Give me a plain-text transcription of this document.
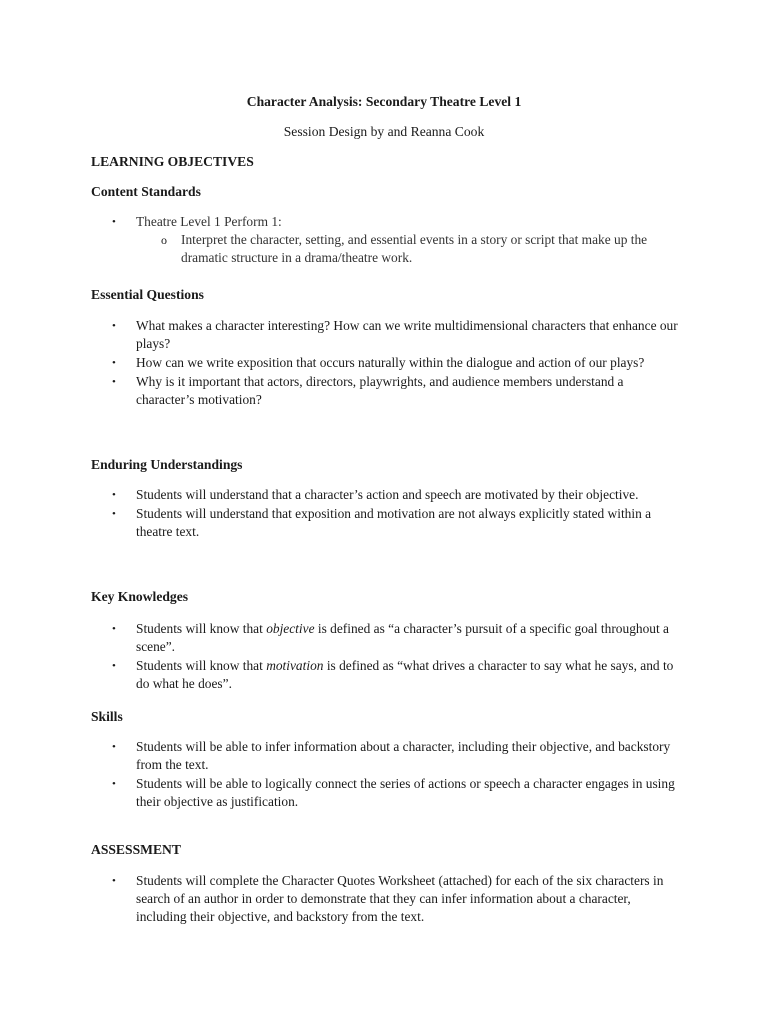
Character Analysis: Secondary Theatre Level 1
Session Design by and Reanna Cook
LEARNING OBJECTIVES
Content Standards
• Theatre Level 1 Perform 1:
o Interpret the character, setting, and essential events in a story or script that make up the dramatic structure in a drama/theatre work.
Essential Questions
• What makes a character interesting? How can we write multidimensional characters that enhance our plays?
• How can we write exposition that occurs naturally within the dialogue and action of our plays?
• Why is it important that actors, directors, playwrights, and audience members understand a character’s motivation?
Enduring Understandings
• Students will understand that a character’s action and speech are motivated by their objective.
• Students will understand that exposition and motivation are not always explicitly stated within a theatre text.
Key Knowledges
• Students will know that objective is defined as “a character’s pursuit of a specific goal throughout a scene”.
• Students will know that motivation is defined as “what drives a character to say what he says, and to do what he does”.
Skills
• Students will be able to infer information about a character, including their objective, and backstory from the text.
• Students will be able to logically connect the series of actions or speech a character engages in using their objective as justification.
ASSESSMENT
• Students will complete the Character Quotes Worksheet (attached) for each of the six characters in search of an author in order to demonstrate that they can infer information about a character, including their objective, and backstory from the text.
